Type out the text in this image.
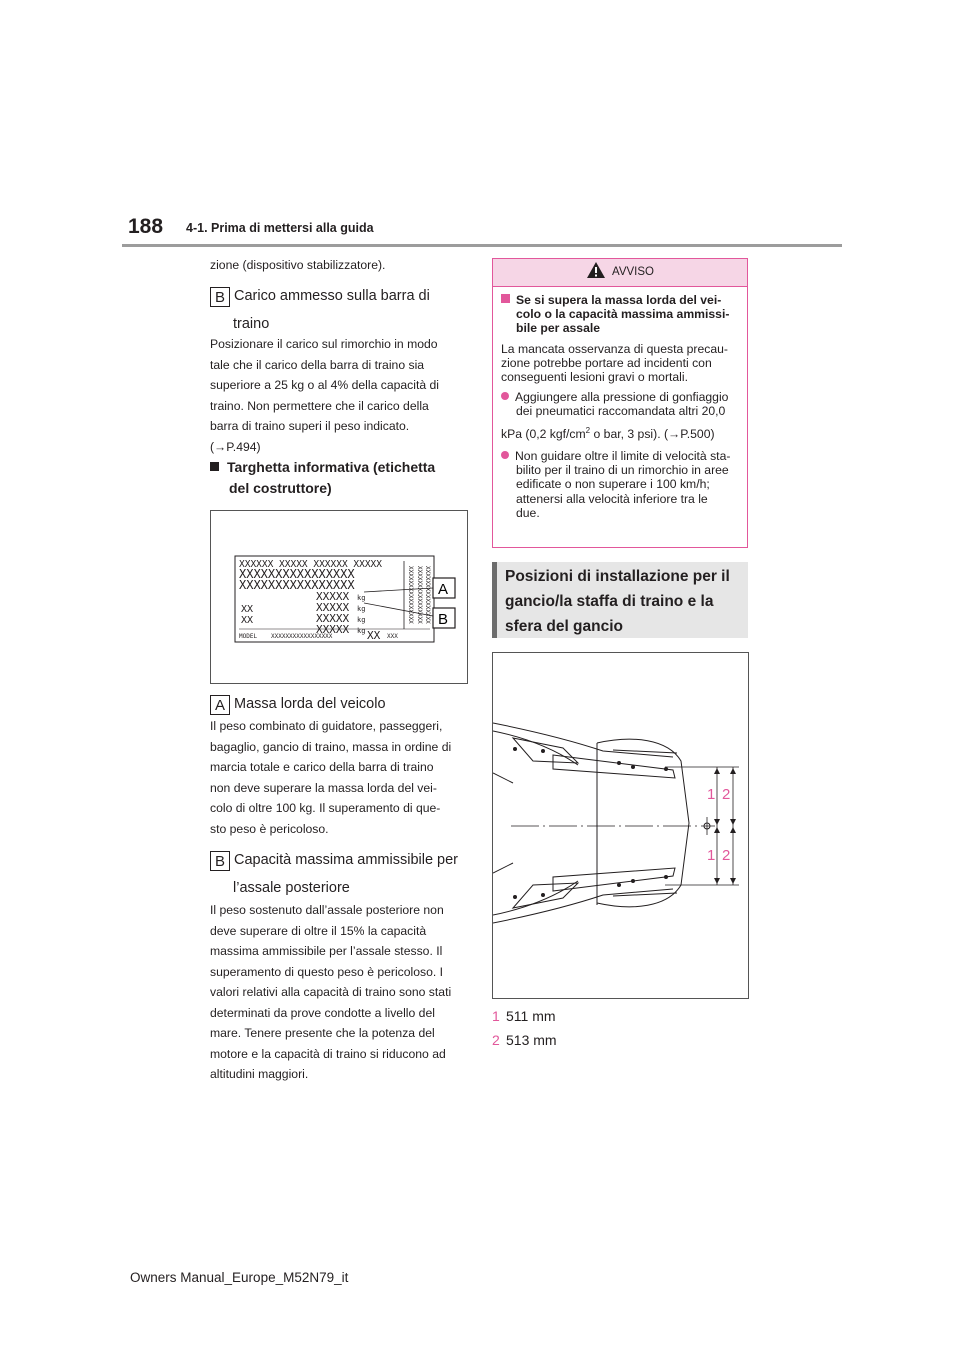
188 4-1. Prima di mettersi alla guida
zione (dispositivo stabilizzatore).
B Carico ammesso sulla barra di
traino
Posizionare il carico sul rimorchio in modo
tale che il carico della barra di traino sia
superiore a 25 kg o al 4% della capacità di
traino. Non permettere che il carico della
barra di traino superi il peso indicato.
(→P.494)
Targhetta informativa (etichetta
del costruttore)
XXXXXX XXXXX XXXXXX XXXXX
XXXXXXXXXXXXXXXX
XXXXXXXXXXXXXXXX
XXXXX
XXXXX
XXXXX
XXXXX
kg
kg
kg
kg
XX
XX
MODEL XXXXXXXXXXXXXXXXX	XX XXX
XXXXXXXXXXXXXXXX XXXXXXXXXXXXXXXX XXXXXXXXXXXXXXXX A
B
A Massa lorda del veicolo
Il peso combinato di guidatore, passeggeri,
bagaglio, gancio di traino, massa in ordine di
marcia totale e carico della barra di traino
non deve superare la massa lorda del vei-
colo di oltre 100 kg. Il superamento di que-
sto peso è pericoloso.
B Capacità massima ammissibile per
l’assale posteriore
Il peso sostenuto dall’assale posteriore non
deve superare di oltre il 15% la capacità
massima ammissibile per l’assale stesso. Il
superamento di questo peso è pericoloso. I
valori relativi alla capacità di traino sono stati
determinati da prove condotte a livello del
mare. Tenere presente che la potenza del
motore e la capacità di traino si riducono ad
altitudini maggiori.
AVVISO
Se si supera la massa lorda del vei-
colo o la capacità massima ammissi-
bile per assale
La mancata osservanza di questa precau-
zione potrebbe portare ad incidenti con
conseguenti lesioni gravi o mortali.
Aggiungere alla pressione di gonfiaggio
dei pneumatici raccomandata altri 20,0
kPa (0,2 kgf/$cm^2$ o bar, 3 psi). (→P.500)
Non guidare oltre il limite di velocità sta-
bilito per il traino di un rimorchio in aree
edificate o non superare i 100 km/h;
attenersi alla velocità inferiore tra le
due.
Posizioni di installazione per il
gancio/la staffa di traino e la
sfera del gancio
1 2
1 2
1 511 mm
2 513 mm
Owners Manual_Europe_M52N79_it
